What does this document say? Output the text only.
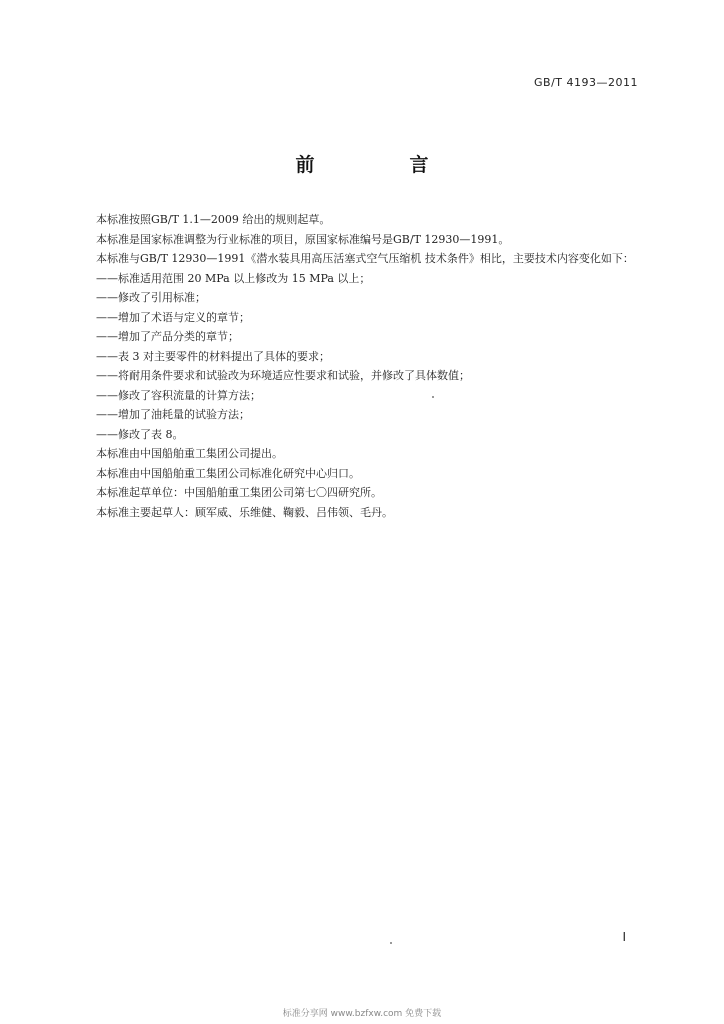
GB/T 4193—2011
前　言

本标准按照GB/T 1.1—2009 给出的规则起草。

本标准是国家标准调整为行业标准的项目，原国家标准编号是GB/T 12930—1991。

本标准与GB/T 12930—1991《潜水装具用高压活塞式空气压缩机 技术条件》相比，主要技术内容变化如下：

——标准适用范围 20 MPa 以上修改为 15 MPa 以上；

——修改了引用标准；

——增加了术语与定义的章节；

——增加了产品分类的章节；

——表 3 对主要零件的材料提出了具体的要求；

——将耐用条件要求和试验改为环境适应性要求和试验，并修改了具体数值；

——修改了容积流量的计算方法；

——增加了油耗量的试验方法；

——修改了表 8。

本标准由中国船舶重工集团公司提出。

本标准由中国船舶重工集团公司标准化研究中心归口。

本标准起草单位：中国船舶重工集团公司第七〇四研究所。

本标准主要起草人：顾军威、乐维健、鞠毅、吕伟领、毛丹。

I
标准分享网 www.bzfxw.com 免费下载
